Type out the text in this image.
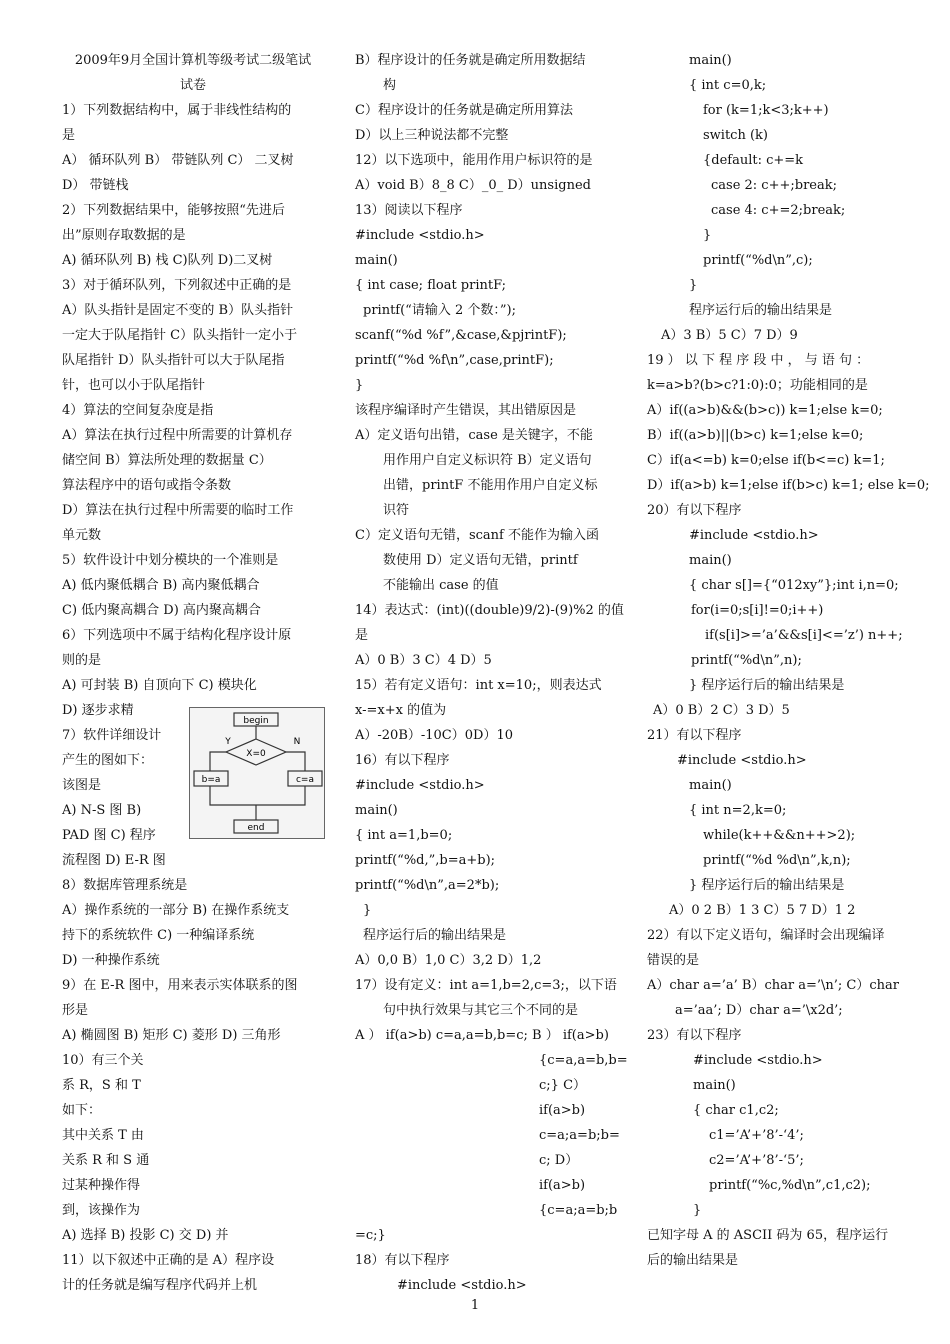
2009年9月全国计算机等级考试二级笔试
试卷
1）下列数据结构中，属于非线性结构的
是
A） 循环队列 B） 带链队列 C） 二叉树
D） 带链栈
2）下列数据结果中，能够按照“先进后
出”原则存取数据的是
A) 循环队列 B) 栈 C)队列 D)二叉树
3）对于循环队列，下列叙述中正确的是
A）队头指针是固定不变的 B）队头指针
一定大于队尾指针 C）队头指针一定小于
队尾指针 D）队头指针可以大于队尾指
针，也可以小于队尾指针
4）算法的空间复杂度是指
A）算法在执行过程中所需要的计算机存
储空间 B）算法所处理的数据量 C）
算法程序中的语句或指令条数
D）算法在执行过程中所需要的临时工作
单元数
5）软件设计中划分模块的一个准则是
A) 低内聚低耦合 B) 高内聚低耦合
C) 低内聚高耦合 D) 高内聚高耦合
6）下列选项中不属于结构化程序设计原
则的是
A) 可封装 B) 自顶向下 C) 模块化
D) 逐步求精
7）软件详细设计
产生的图如下：
该图是
A) N-S 图 B)
PAD 图 C) 程序
流程图 D) E-R 图
8）数据库管理系统是
A）操作系统的一部分 B) 在操作系统支
持下的系统软件 C) 一种编译系统
D) 一种操作系统
9）在 E-R 图中，用来表示实体联系的图
形是
A) 椭圆图 B) 矩形 C) 菱形 D) 三角形
10）有三个关
系 R，S 和 T
如下：
其中关系 T 由
关系 R 和 S 通
过某种操作得
到，该操作为
A) 选择 B) 投影 C) 交 D) 并
11）以下叙述中正确的是 A）程序设
计的任务就是编写程序代码并上机
begin
X=0
Y	N
b=a	c=a
end
B）程序设计的任务就是确定所用数据结
构
C）程序设计的任务就是确定所用算法
D）以上三种说法都不完整
12）以下选项中，能用作用户标识符的是
A）void B）8_8 C）_0_ D）unsigned
13）阅读以下程序
#include <stdio.h>
main()
{ int case; float printF;
printf(“请输入 2 个数：”);
scanf(“%d %f”,&case,&pjrintF);
printf(“%d %f\n”,case,printF);
}
该程序编译时产生错误，其出错原因是
A）定义语句出错，case 是关键字，不能
用作用户自定义标识符 B）定义语句
出错，printF 不能用作用户自定义标
识符
C）定义语句无错，scanf 不能作为输入函
数使用 D）定义语句无错，printf
不能输出 case 的值
14）表达式：(int)((double)9/2)-(9)%2 的值
是
A）0 B）3 C）4 D）5
15）若有定义语句：int x=10;，则表达式
x-=x+x 的值为
A）-20B）-10C）0D）10
16）有以下程序
#include <stdio.h>
main()
{ int a=1,b=0;
printf(“%d,”,b=a+b);
printf(“%d\n”,a=2*b);
}
程序运行后的输出结果是
A）0,0 B）1,0 C）3,2 D）1,2
17）设有定义：int a=1,b=2,c=3;，以下语
句中执行效果与其它三个不同的是
A ） if(a>b) c=a,a=b,b=c; B ） if(a>b)
{c=a,a=b,b=
c;} C）
if(a>b)
c=a;a=b;b=
c; D）
if(a>b)
{c=a;a=b;b
=c;}
18）有以下程序
#include <stdio.h>
main()
{ int c=0,k;
for (k=1;k<3;k++)
switch (k)
{default: c+=k
case 2: c++;break;
case 4: c+=2;break;
}
printf(“%d\n”,c);
}
程序运行后的输出结果是
A）3 B）5 C）7 D）9
19 ） 以 下 程 序 段 中 ， 与 语 句 ：
k=a>b?(b>c?1:0):0；功能相同的是
A）if((a>b)&&(b>c)) k=1;else k=0;
B）if((a>b)||(b>c) k=1;else k=0;
C）if(a<=b) k=0;else if(b<=c) k=1;
D）if(a>b) k=1;else if(b>c) k=1; else k=0;
20）有以下程序
#include <stdio.h>
main()
{ char s[]={“012xy”};int i,n=0;
for(i=0;s[i]!=0;i++)
if(s[i]>=’a’&&s[i]<=’z’) n++;
printf(“%d\n”,n);
} 程序运行后的输出结果是
A）0 B）2 C）3 D）5
21）有以下程序
#include <stdio.h>
main()
{ int n=2,k=0;
while(k++&&n++>2);
printf(“%d %d\n”,k,n);
} 程序运行后的输出结果是
A）0 2 B）1 3 C）5 7 D）1 2
22）有以下定义语句，编译时会出现编译
错误的是
A）char a=’a’ B）char a=’\n’; C）char
a=’aa’; D）char a=’\x2d’;
23）有以下程序
#include <stdio.h>
main()
{ char c1,c2;
c1=’A’+’8’-‘4’;
c2=’A’+’8’-‘5’;
printf(“%c,%d\n”,c1,c2);
}
已知字母 A 的 ASCII 码为 65，程序运行
后的输出结果是
1
